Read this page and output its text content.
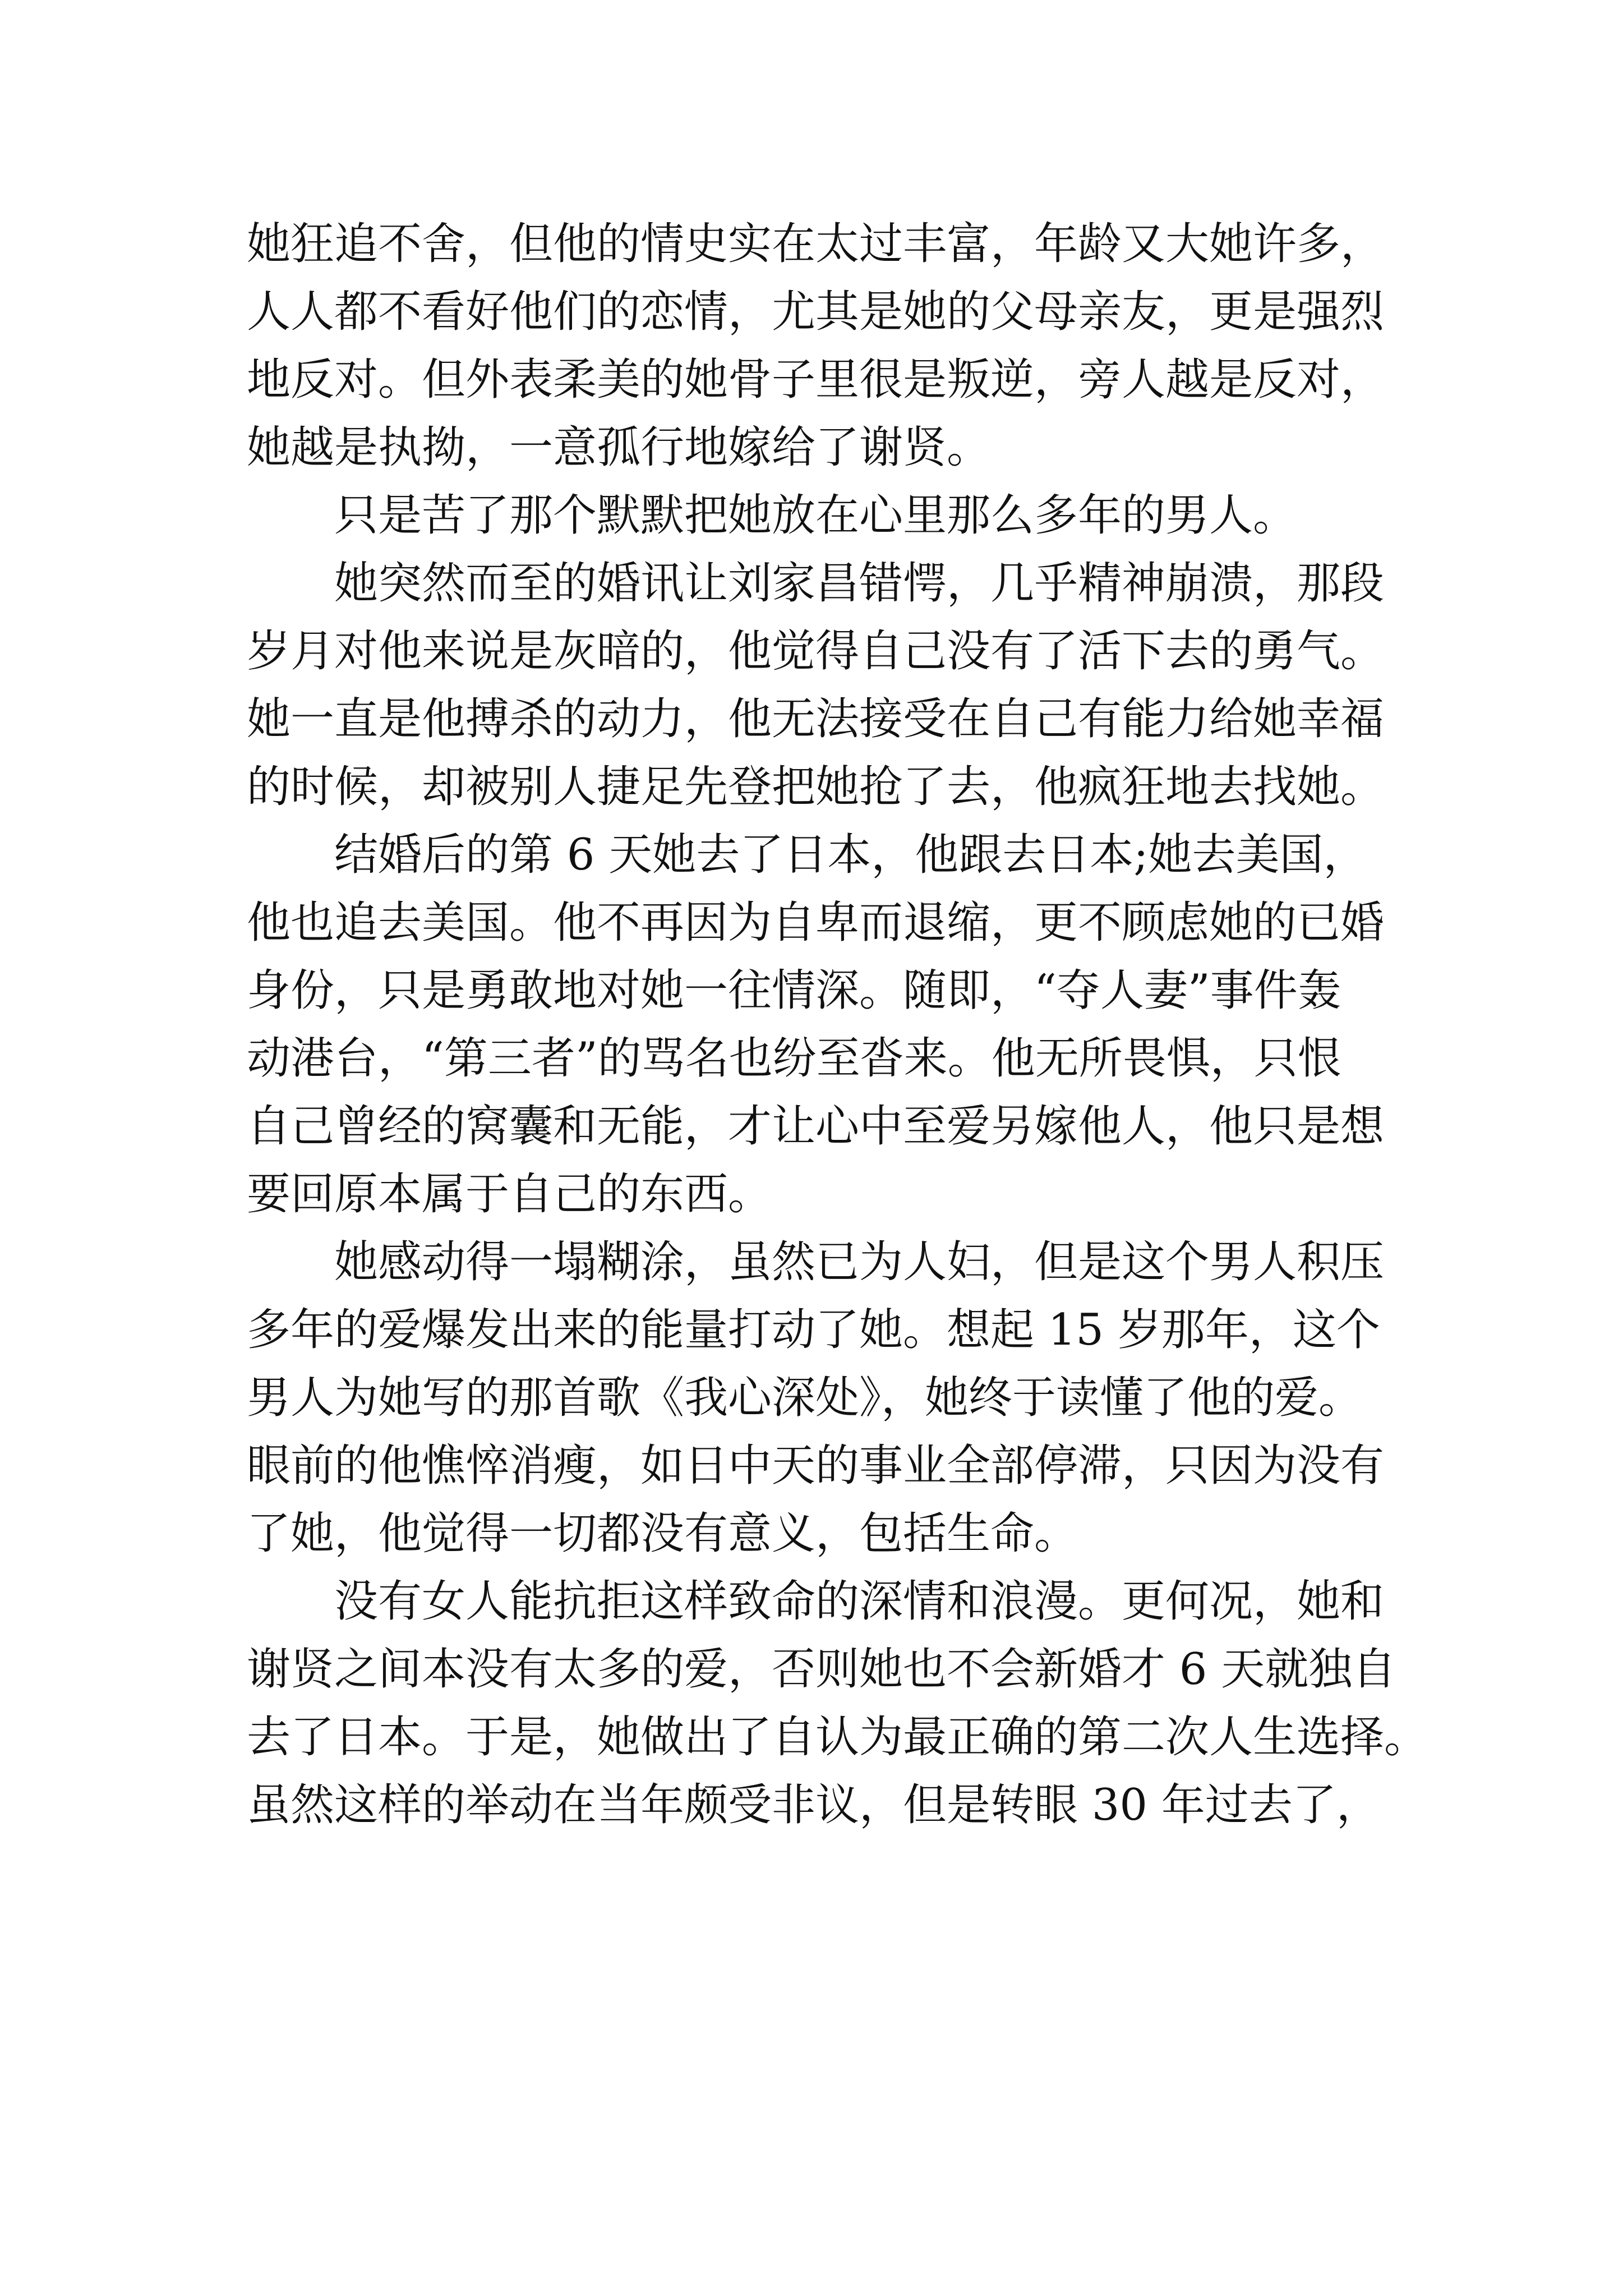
她狂追不舍，但他的情史实在太过丰富，年龄又大她许多，
人人都不看好他们的恋情，尤其是她的父母亲友，更是强烈
地反对。但外表柔美的她骨子里很是叛逆，旁人越是反对，
她越是执拗，一意孤行地嫁给了谢贤。
只是苦了那个默默把她放在心里那么多年的男人。
她突然而至的婚讯让刘家昌错愕，几乎精神崩溃，那段
岁月对他来说是灰暗的，他觉得自己没有了活下去的勇气。
她一直是他搏杀的动力，他无法接受在自己有能力给她幸福
的时候，却被别人捷足先登把她抢了去，他疯狂地去找她。
结婚后的第 6 天她去了日本，他跟去日本;她去美国，
他也追去美国。他不再因为自卑而退缩，更不顾虑她的已婚
身份，只是勇敢地对她一往情深。随即，“夺人妻”事件轰
动港台，“第三者”的骂名也纷至沓来。他无所畏惧，只恨
自己曾经的窝囊和无能，才让心中至爱另嫁他人，他只是想
要回原本属于自己的东西。
她感动得一塌糊涂，虽然已为人妇，但是这个男人积压
多年的爱爆发出来的能量打动了她。想起 15 岁那年，这个
男人为她写的那首歌《我心深处》，她终于读懂了他的爱。
眼前的他憔悴消瘦，如日中天的事业全部停滞，只因为没有
了她，他觉得一切都没有意义，包括生命。
没有女人能抗拒这样致命的深情和浪漫。更何况，她和
谢贤之间本没有太多的爱，否则她也不会新婚才 6 天就独自
去了日本。于是，她做出了自认为最正确的第二次人生选择。
虽然这样的举动在当年颇受非议，但是转眼 30 年过去了，
